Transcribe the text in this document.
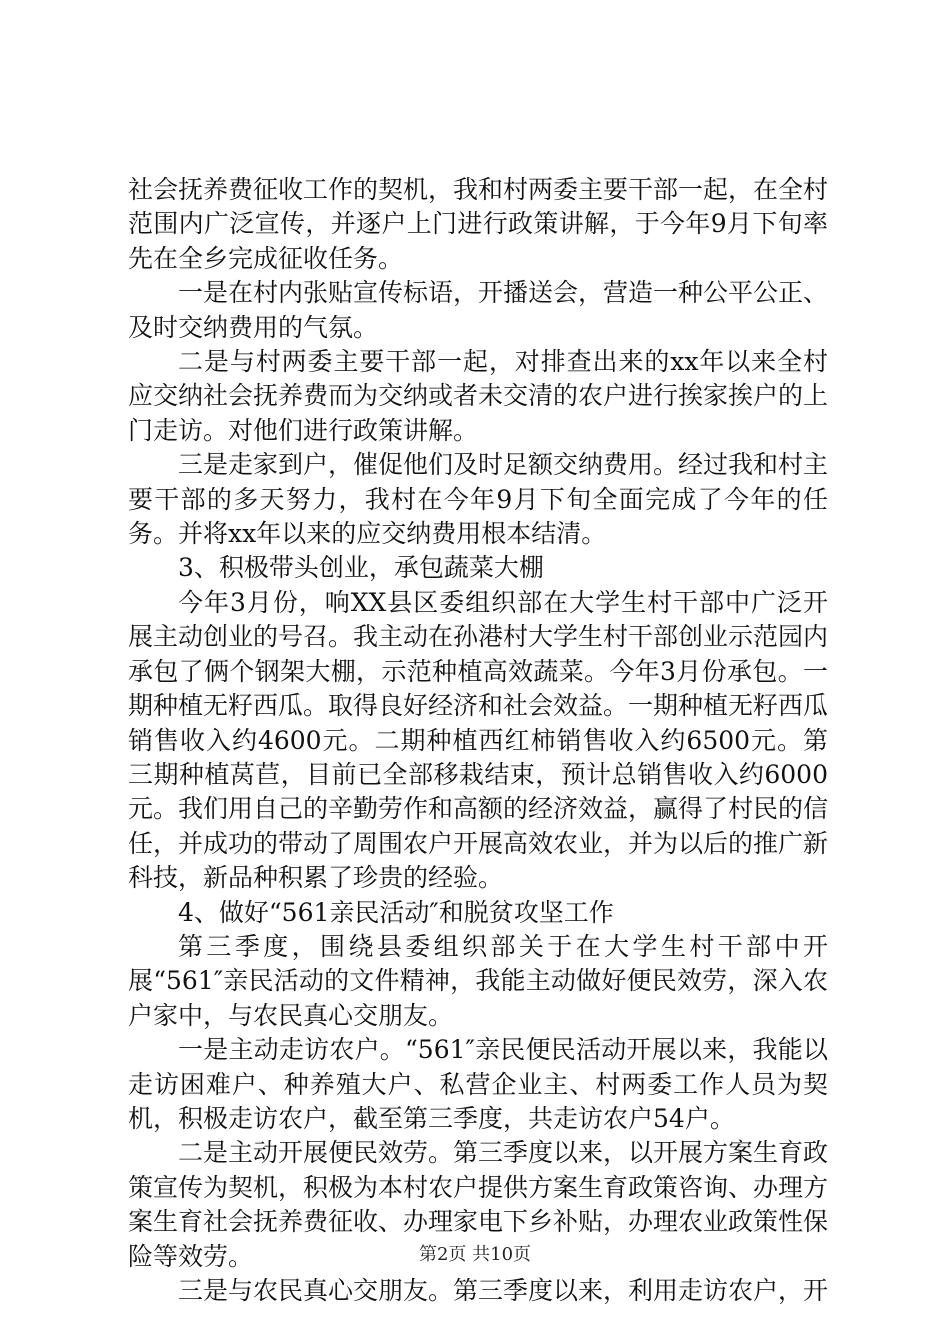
社会抚养费征收工作的契机，我和村两委主要干部一起，在全村范围内广泛宣传，并逐户上门进行政策讲解，于今年9月下旬率先在全乡完成征收任务。

一是在村内张贴宣传标语，开播送会，营造一种公平公正、及时交纳费用的气氛。

二是与村两委主要干部一起，对排查出来的xx年以来全村应交纳社会抚养费而为交纳或者未交清的农户进行挨家挨户的上门走访。对他们进行政策讲解。

三是走家到户，催促他们及时足额交纳费用。经过我和村主要干部的多天努力，我村在今年9月下旬全面完成了今年的任务。并将xx年以来的应交纳费用根本结清。

3、积极带头创业，承包蔬菜大棚

今年3月份，响XX县区委组织部在大学生村干部中广泛开展主动创业的号召。我主动在孙港村大学生村干部创业示范园内承包了俩个钢架大棚，示范种植高效蔬菜。今年3月份承包。一期种植无籽西瓜。取得良好经济和社会效益。一期种植无籽西瓜销售收入约4600元。二期种植西红柿销售收入约6500元。第三期种植莴苣，目前已全部移栽结束，预计总销售收入约6000元。我们用自己的辛勤劳作和高额的经济效益，赢得了村民的信任，并成功的带动了周围农户开展高效农业，并为以后的推广新科技，新品种积累了珍贵的经验。

4、做好“561亲民活动″和脱贫攻坚工作

第三季度，围绕县委组织部关于在大学生村干部中开展“561″亲民活动的文件精神，我能主动做好便民效劳，深入农户家中，与农民真心交朋友。

一是主动走访农户。“561″亲民便民活动开展以来，我能以走访困难户、种养殖大户、私营企业主、村两委工作人员为契机，积极走访农户，截至第三季度，共走访农户54户。

二是主动开展便民效劳。第三季度以来，以开展方案生育政策宣传为契机，积极为本村农户提供方案生育政策咨询、办理方案生育社会抚养费征收、办理家电下乡补贴，办理农业政策性保险等效劳。

三是与农民真心交朋友。第三季度以来，利用走访农户，开

第2页 共10页
